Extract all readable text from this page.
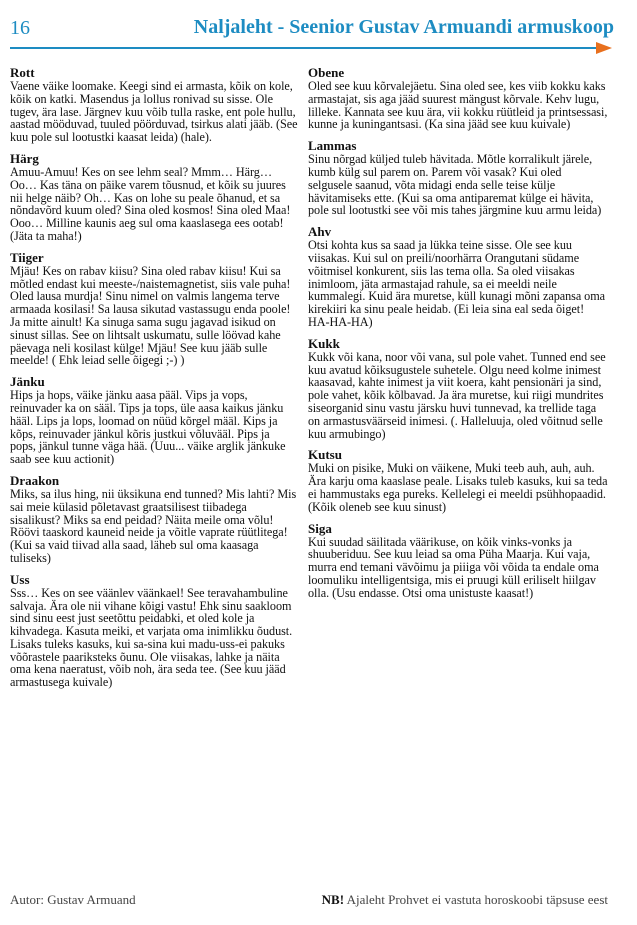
16	Naljaleht - Seenior Gustav Armuandi armuskoop

Rott

Vaene väike loomake. Keegi sind ei armasta, kõik on kole, kõik on katki. Masendus ja lollus ronivad su sisse. Ole tugev, ära lase. Järgnev kuu võib tulla raske, ent pole hullu, aastad mööduvad, tuuled pöörduvad, tsirkus alati jääb. (See kuu pole sul lootustki kaasat leida) (hale).

Härg

Amuu-Amuu! Kes on see lehm seal? Mmm… Härg… Oo… Kas täna on päike varem tõusnud, et kõik su juures nii helge näib? Oh… Kas on lohe su peale õhanud, et sa nõndavõrd kuum oled? Sina oled kosmos! Sina oled Maa! Ooo… Milline kaunis aeg sul oma kaaslasega ees ootab! (Jäta ta maha!)

Tiiger

Mjäu! Kes on rabav kiisu? Sina oled rabav kiisu! Kui sa mõtled endast kui meeste-/naistemagnetist, siis vale puha! Oled lausa murdja! Sinu nimel on valmis langema terve armaada kosilasi! Sa lausa sikutad vastassugu enda poole! Ja mitte ainult! Ka sinuga sama sugu jagavad isikud on sinust sillas. See on lihtsalt uskumatu, sulle löövad kahe päevaga neli kosilast külge! Mjäu! See kuu jääb sulle meelde! ( Ehk leiad selle õigegi ;-) )

Jänku

Hips ja hops, väike jänku aasa pääl. Vips ja vops, reinuvader ka on sääl. Tips ja tops, üle aasa kaikus jänku hääl. Lips ja lops, loomad on nüüd kõrgel määl. Kips ja kõps, reinuvader jänkul kõris justkui võluvääl. Pips ja pops, jänkul tunne väga hää. (Uuu... väike arglik jänkuke saab see kuu actionit)

Draakon

Miks, sa ilus hing, nii üksikuna end tunned? Mis lahti? Mis sai meie külasid põletavast graatsilisest tiibadega sisalikust? Miks sa end peidad? Näita meile oma võlu! Röövi taaskord kauneid neide ja võitle vaprate rüütlitega! (Kui sa vaid tiivad alla saad, läheb sul oma kaasaga tuliseks)

Uss

Sss… Kes on see väänlev väänkael! See teravahambuline salvaja. Ära ole nii vihane kõigi vastu! Ehk sinu saakloom sind sinu eest just seetõttu peidabki, et oled kole ja kihvadega. Kasuta meiki, et varjata oma inimlikku õudust. Lisaks tuleks kasuks, kui sa-sina kui madu-uss-ei pakuks võõrastele paariksteks õunu. Ole viisakas, lahke ja näita oma kena naeratust, võib noh, ära seda tee. (See kuu jääd armastusega kuivale)

Obene

Oled see kuu kõrvalejäetu. Sina oled see, kes viib kokku kaks armastajat, sis aga jääd suurest mängust kõrvale. Kehv lugu, lilleke. Kannata see kuu ära, vii kokku rüütleid ja printsessasi, kunne ja kuningantsasi. (Ka sina jääd see kuu kuivale)

Lammas

Sinu nõrgad küljed tuleb hävitada. Mõtle korralikult järele, kumb külg sul parem on. Parem või vasak? Kui oled selgusele saanud, võta midagi enda selle teise külje hävitamiseks ette. (Kui sa oma antiparemat külge ei hävita, pole sul lootustki see või mis tahes järgmine kuu armu leida)

Ahv

Otsi kohta kus sa saad ja lükka teine sisse. Ole see kuu viisakas. Kui sul on preili/noorhärra Orangutani südame võitmisel konkurent, siis las tema olla. Sa oled viisakas inimloom, jäta armastajad rahule, sa ei meeldi neile kummalegi. Kuid ära muretse, küll kunagi mõni zapansa oma kirekiiri ka sinu peale heidab. (Ei leia sina eal seda õiget! HA-HA-HA)

Kukk

Kukk või kana, noor või vana, sul pole vahet. Tunned end see kuu avatud kõiksugustele suhetele. Olgu need kolme inimest kaasavad, kahte inimest ja viit koera, kaht pensionäri ja sind, pole vahet, kõik kõlbavad. Ja ära muretse, kui riigi mundrites siseorganid sinu vastu järsku huvi tunnevad, ka trellide taga on armastusväärseid inimesi. (. Halleluuja, oled võitnud selle kuu armubingo)

Kutsu

Muki on pisike, Muki on väikene, Muki teeb auh, auh, auh. Ära karju oma kaaslase peale. Lisaks tuleb kasuks, kui sa teda ei hammustaks ega pureks. Kellelegi ei meeldi psühhopaadid. (Kõik oleneb see kuu sinust)

Siga

Kui suudad säilitada väärikuse, on kõik vinks-vonks ja shuuberiduu. See kuu leiad sa oma Püha Maarja. Kui vaja, murra end temani vävõimu ja piiiga või võida ta endale oma loomuliku intelligentsiga, mis ei pruugi küll eriliselt hiilgav olla. (Usu endasse. Otsi oma unistuste kaasat!)

Autor: Gustav Armuand	NB! Ajaleht Prohvet ei vastuta horoskoobi täpsuse eest
